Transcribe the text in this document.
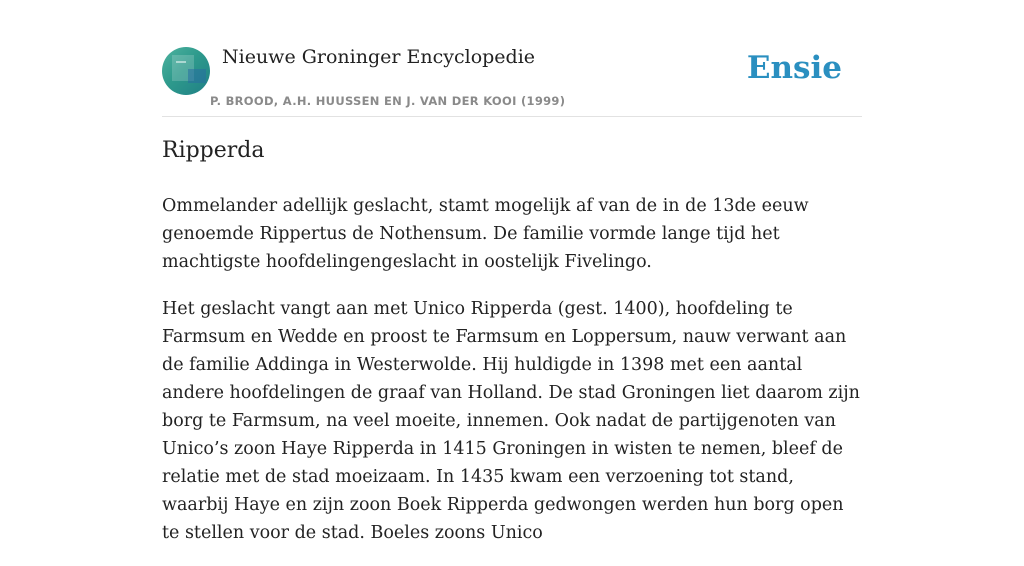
Nieuwe Groninger Encyclopedie
P. BROOD, A.H. HUUSSEN EN J. VAN DER KOOI (1999)
Ensie
Ripperda

Ommelander adellijk geslacht, stamt mogelijk af van de in de 13de eeuw genoemde Rippertus de Nothensum. De familie vormde lange tijd het machtigste hoofdelingengeslacht in oostelijk Fivelingo.

Het geslacht vangt aan met Unico Ripperda (gest. 1400), hoofdeling te Farmsum en Wedde en proost te Farmsum en Loppersum, nauw verwant aan de familie Addinga in Westerwolde. Hij huldigde in 1398 met een aantal andere hoofdelingen de graaf van Holland. De stad Groningen liet daarom zijn borg te Farmsum, na veel moeite, innemen. Ook nadat de partijgenoten van Unico’s zoon Haye Ripperda in 1415 Groningen in wisten te nemen, bleef de relatie met de stad moeizaam. In 1435 kwam een verzoening tot stand, waarbij Haye en zijn zoon Boek Ripperda gedwongen werden hun borg open te stellen voor de stad. Boeles zoons Unico
